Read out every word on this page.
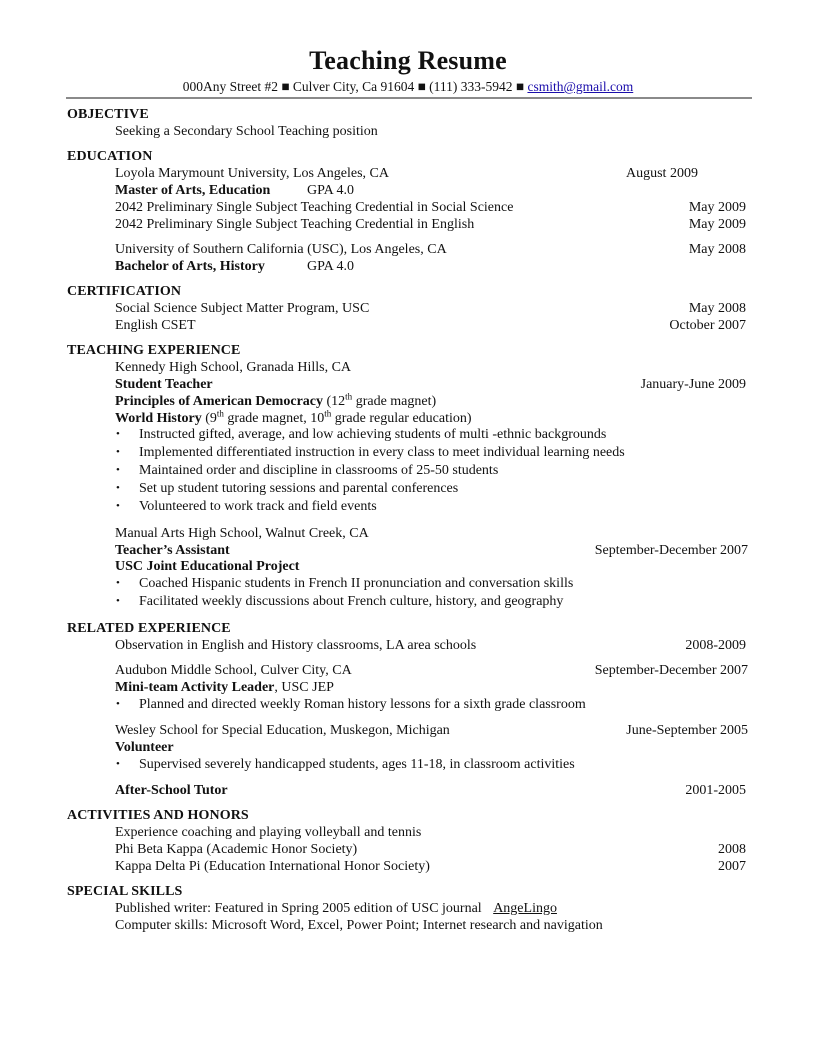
Teaching Resume
000Any Street #2 ■ Culver City, Ca 91604 ■ (111) 333-5942 ■ csmith@gmail.com
OBJECTIVE
Seeking a Secondary School Teaching position
EDUCATION
Loyola Marymount University, Los Angeles, CA	August 2009
Master of Arts, Education	GPA 4.0
2042 Preliminary Single Subject Teaching Credential in Social Science	May 2009
2042 Preliminary Single Subject Teaching Credential in English	May 2009
University of Southern California (USC), Los Angeles, CA	May 2008
Bachelor of Arts, History	GPA 4.0
CERTIFICATION
Social Science Subject Matter Program, USC	May 2008
English CSET	October 2007
TEACHING EXPERIENCE
Kennedy High School, Granada Hills, CA
Student Teacher	January-June 2009
Principles of American Democracy (12th grade magnet)
World History (9th grade magnet, 10th grade regular education)
• Instructed gifted, average, and low achieving students of multi -ethnic backgrounds
• Implemented differentiated instruction in every class to meet individual learning needs
• Maintained order and discipline in classrooms of 25-50 students
• Set up student tutoring sessions and parental conferences
• Volunteered to work track and field events
Manual Arts High School, Walnut Creek, CA
Teacher’s Assistant	September-December 2007
USC Joint Educational Project
• Coached Hispanic students in French II pronunciation and conversation skills
• Facilitated weekly discussions about French culture, history, and geography
RELATED EXPERIENCE
Observation in English and History classrooms, LA area schools	2008-2009
Audubon Middle School, Culver City, CA	September-December 2007
Mini-team Activity Leader, USC JEP
• Planned and directed weekly Roman history lessons for a sixth grade classroom
Wesley School for Special Education, Muskegon, Michigan	June-September 2005
Volunteer
• Supervised severely handicapped students, ages 11-18, in classroom activities
After-School Tutor	2001-2005
ACTIVITIES AND HONORS
Experience coaching and playing volleyball and tennis
Phi Beta Kappa (Academic Honor Society)	2008
Kappa Delta Pi (Education International Honor Society)	2007
SPECIAL SKILLS
Published writer: Featured in Spring 2005 edition of USC journal AngeLingo
Computer skills: Microsoft Word, Excel, Power Point; Internet research and navigation
